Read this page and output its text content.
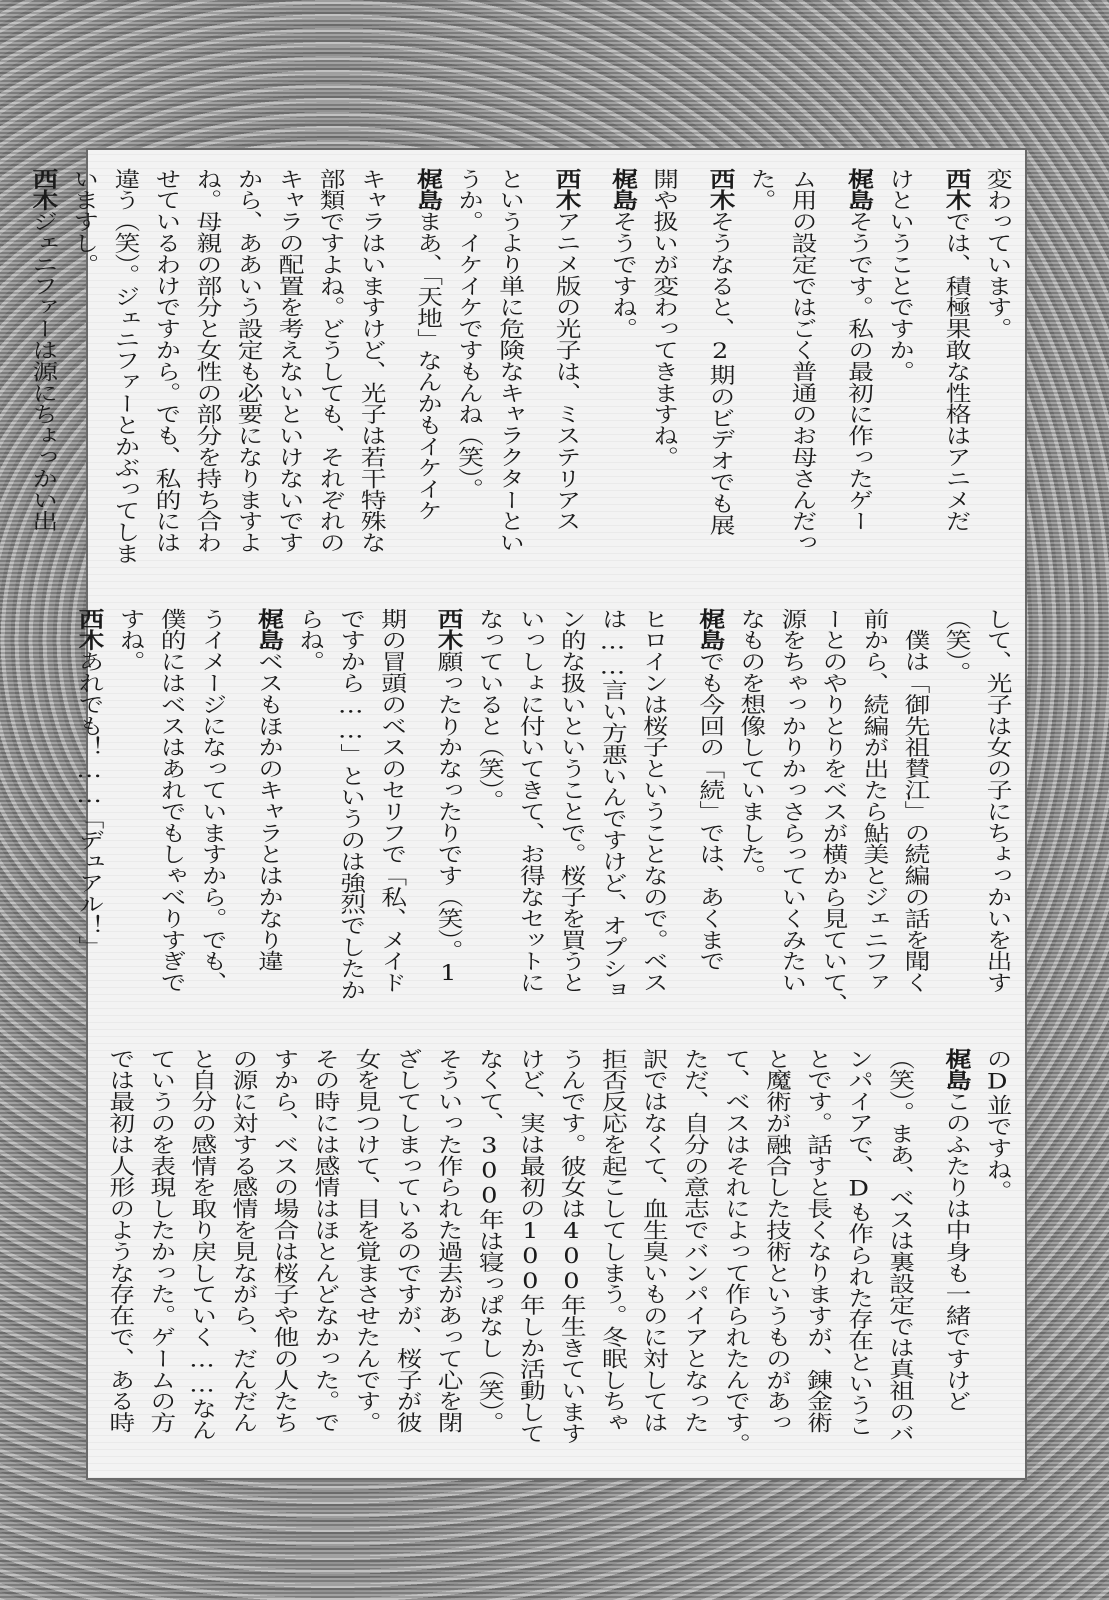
変わっています。
西木では、積極果敢な性格はアニメだ
けということですか。
梶島そうです。私の最初に作ったゲー
ム用の設定ではごく普通のお母さんだっ
た。
西木そうなると、2期のビデオでも展
開や扱いが変わってきますね。
梶島そうですね。
西木アニメ版の光子は、ミステリアス
というより単に危険なキャラクターとい
うか。イケイケですもんね（笑）。
梶島まあ、「天地」なんかもイケイケ
キャラはいますけど、光子は若干特殊な
部類ですよね。どうしても、それぞれの
キャラの配置を考えないといけないです
から、ああいう設定も必要になりますよ
ね。母親の部分と女性の部分を持ち合わ
せているわけですから。でも、私的には
違う（笑）。ジェニファーとかぶってしま
いますし。
西木ジェニファーは源にちょっかい出
して、光子は女の子にちょっかいを出す
（笑）。
　僕は「御先祖賛江」の続編の話を聞く
前から、続編が出たら鮎美とジェニファ
ーとのやりとりをベスが横から見ていて、
源をちゃっかりかっさらっていくみたい
なものを想像していました。
梶島でも今回の「続」では、あくまで
ヒロインは桜子ということなので。ベス
は……言い方悪いんですけど、オプショ
ン的な扱いということで。桜子を買うと
いっしょに付いてきて、お得なセットに
なっていると（笑）。
西木願ったりかなったりです（笑）。1
期の冒頭のベスのセリフで「私、メイド
ですから……」というのは強烈でしたか
らね。
梶島ベスもほかのキャラとはかなり違
うイメージになっていますから。でも、
僕的にはベスはあれでもしゃべりすぎで
すね。
西木あれでも！……「デュアル！」
のD並ですね。
梶島このふたりは中身も一緒ですけど
（笑）。まあ、ベスは裏設定では真祖のバ
ンパイアで、Dも作られた存在というこ
とです。話すと長くなりますが、錬金術
と魔術が融合した技術というものがあっ
て、ベスはそれによって作られたんです。
ただ、自分の意志でバンパイアとなった
訳ではなくて、血生臭いものに対しては
拒否反応を起こしてしまう。冬眠しちゃ
うんです。彼女は400年生きています
けど、実は最初の100年しか活動して
なくて、300年は寝っぱなし（笑）。
そういった作られた過去があって心を閉
ざしてしまっているのですが、桜子が彼
女を見つけて、目を覚まさせたんです。
その時には感情はほとんどなかった。で
すから、ベスの場合は桜子や他の人たち
の源に対する感情を見ながら、だんだん
と自分の感情を取り戻していく……なん
ていうのを表現したかった。ゲームの方
では最初は人形のような存在で、ある時
